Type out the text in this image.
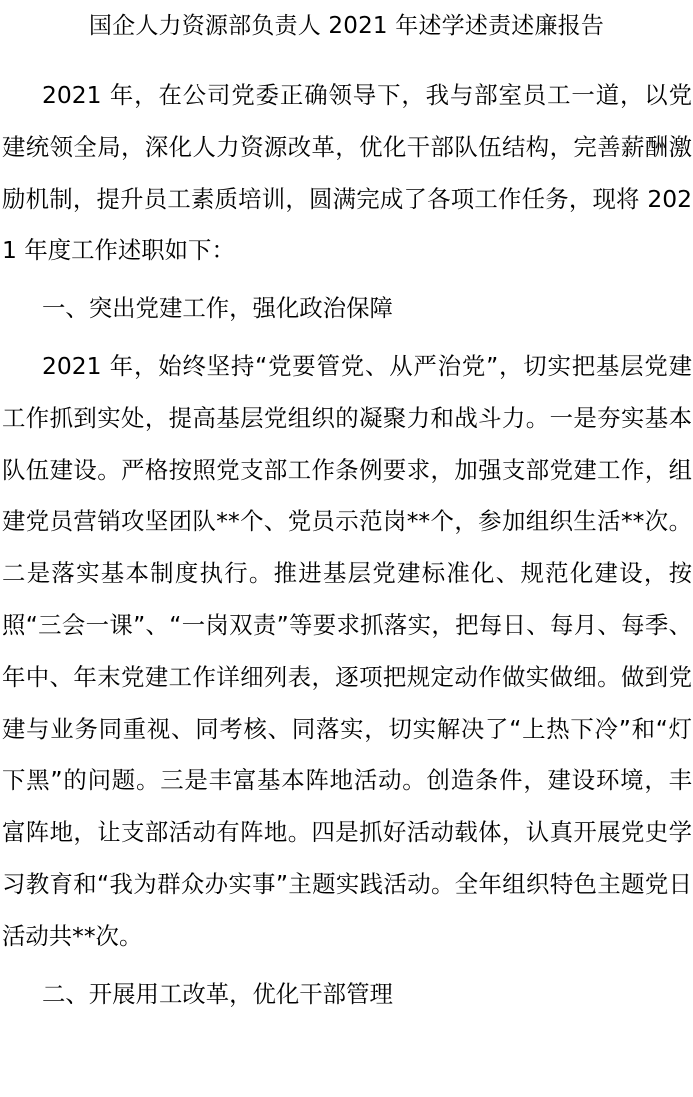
国企人力资源部负责人 2021 年述学述责述廉报告

2021 年，在公司党委正确领导下，我与部室员工一道，以党建统领全局，深化人力资源改革，优化干部队伍结构，完善薪酬激励机制，提升员工素质培训，圆满完成了各项工作任务，现将 2021 年度工作述职如下：

一、突出党建工作，强化政治保障

2021 年，始终坚持“党要管党、从严治党”，切实把基层党建工作抓到实处，提高基层党组织的凝聚力和战斗力。一是夯实基本队伍建设。严格按照党支部工作条例要求，加强支部党建工作，组建党员营销攻坚团队**个、党员示范岗**个，参加组织生活**次。二是落实基本制度执行。推进基层党建标准化、规范化建设，按照“三会一课”、“一岗双责”等要求抓落实，把每日、每月、每季、年中、年末党建工作详细列表，逐项把规定动作做实做细。做到党建与业务同重视、同考核、同落实，切实解决了“上热下冷”和“灯下黑”的问题。三是丰富基本阵地活动。创造条件，建设环境，丰富阵地，让支部活动有阵地。四是抓好活动载体，认真开展党史学习教育和“我为群众办实事”主题实践活动。全年组织特色主题党日活动共**次。

二、开展用工改革，优化干部管理
